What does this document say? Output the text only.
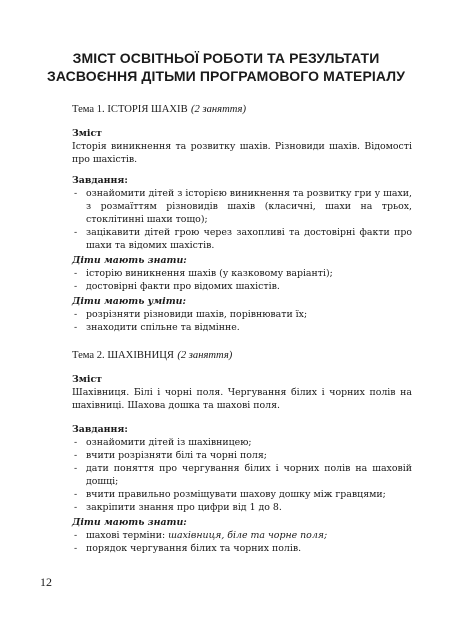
ЗМІСТ ОСВІТНЬОЇ РОБОТИ ТА РЕЗУЛЬТАТИ
ЗАСВОЄННЯ ДІТЬМИ ПРОГРАМОВОГО МАТЕРІАЛУ
Тема 1. ІСТОРІЯ ШАХІВ (2 заняття)

Зміст

Історія виникнення та розвитку шахів. Різновиди шахів. Відомості про шахістів.

Завдання:

- ознайомити дітей з історією виникнення та розвитку гри у шахи, з розмаїттям різновидів шахів (класичні, шахи на трьох, стоклітинні шахи тощо);
- зацікавити дітей грою через захопливі та достовірні факти про шахи та відомих шахістів.

Діти мають знати:

- історію виникнення шахів (у казковому варіанті);
- достовірні факти про відомих шахістів.

Діти мають уміти:

- розрізняти різновиди шахів, порівнювати їх;
- знаходити спільне та відмінне.
Тема 2. ШАХІВНИЦЯ (2 заняття)

Зміст

Шахівниця. Білі і чорні поля. Чергування білих і чорних полів на шахівниці. Шахова дошка та шахові поля.

Завдання:

- ознайомити дітей із шахівницею;
- вчити розрізняти білі та чорні поля;
- дати поняття про чергування білих і чорних полів на шаховій дошці;
- вчити правильно розміщувати шахову дошку між гравцями;
- закріпити знання про цифри від 1 до 8.

Діти мають знати:

- шахові терміни: шахівниця, біле та чорне поля;
- порядок чергування білих та чорних полів.
12
